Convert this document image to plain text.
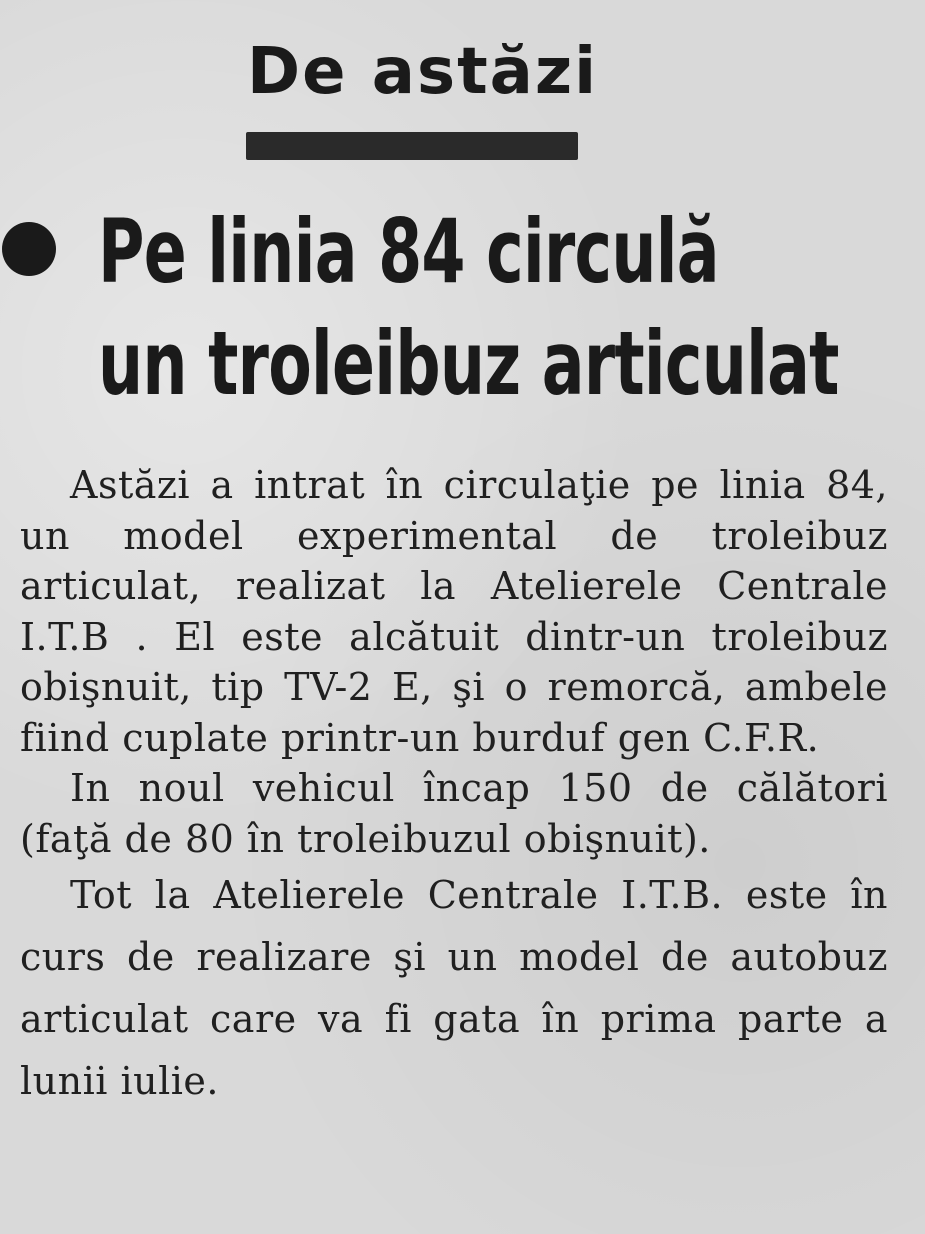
De astăzi
Pe linia 84 circulă
un troleibuz articulat

Astăzi a intrat în circulaţie pe linia 84, un model experimental de troleibuz articulat, realizat la Atelierele Centrale I.T.B . El este alcătuit dintr-un troleibuz obişnuit, tip TV-2 E, şi o remorcă, ambele fiind cuplate printr-un burduf gen C.F.R.

In noul vehicul încap 150 de călători (faţă de 80 în troleibuzul obişnuit).

Tot la Atelierele Centrale I.T.B. este în curs de realizare şi un model de autobuz articulat care va fi gata în prima parte a lunii iulie.
